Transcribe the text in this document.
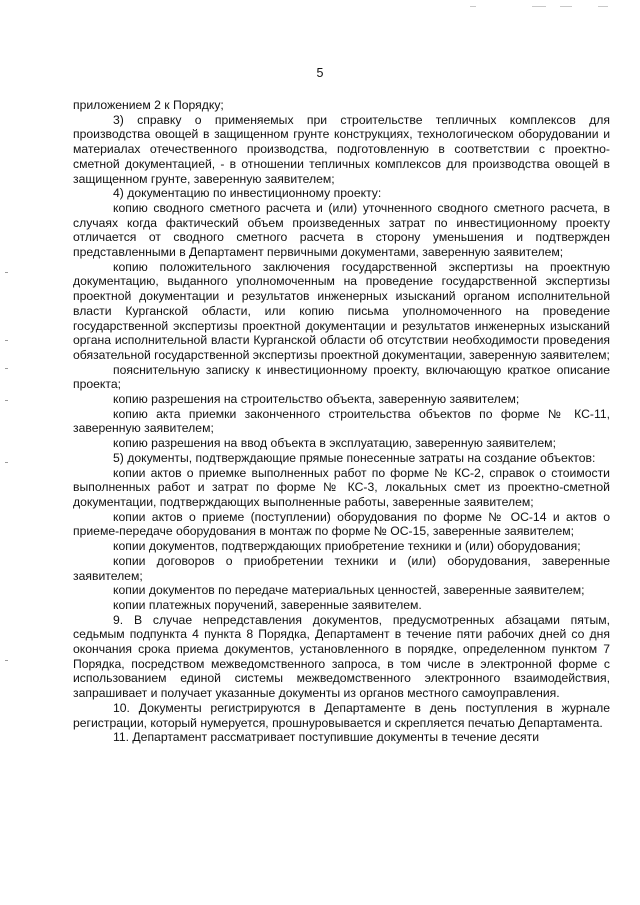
5

приложением 2 к Порядку;

3) справку о применяемых при строительстве тепличных комплексов для производства овощей в защищенном грунте конструкциях, технологическом оборудовании и материалах отечественного производства, подготовленную в соответствии с проектно-сметной документацией, - в отношении тепличных комплексов для производства овощей в защищенном грунте, заверенную заявителем;

4) документацию по инвестиционному проекту:

копию сводного сметного расчета и (или) уточненного сводного сметного расчета, в случаях когда фактический объем произведенных затрат по инвестиционному проекту отличается от сводного сметного расчета в сторону уменьшения и подтвержден представленными в Департамент первичными документами, заверенную заявителем;

копию положительного заключения государственной экспертизы на проектную документацию, выданного уполномоченным на проведение государственной экспертизы проектной документации и результатов инженерных изысканий органом исполнительной власти Курганской области, или копию письма уполномоченного на проведение государственной экспертизы проектной документации и результатов инженерных изысканий органа исполнительной власти Курганской области об отсутствии необходимости проведения обязательной государственной экспертизы проектной документации, заверенную заявителем;

пояснительную записку к инвестиционному проекту, включающую краткое описание проекта;

копию разрешения на строительство объекта, заверенную заявителем;

копию акта приемки законченного строительства объектов по форме № КС-11, заверенную заявителем;

копию разрешения на ввод объекта в эксплуатацию, заверенную заявителем;

5) документы, подтверждающие прямые понесенные затраты на создание объектов:

копии актов о приемке выполненных работ по форме № КС-2, справок о стоимости выполненных работ и затрат по форме № КС-3, локальных смет из проектно-сметной документации, подтверждающих выполненные работы, заверенные заявителем;

копии актов о приеме (поступлении) оборудования по форме № ОС-14 и актов о приеме-передаче оборудования в монтаж по форме № ОС-15, заверенные заявителем;

копии документов, подтверждающих приобретение техники и (или) оборудования;

копии договоров о приобретении техники и (или) оборудования, заверенные заявителем;

копии документов по передаче материальных ценностей, заверенные заявителем;

копии платежных поручений, заверенные заявителем.

9. В случае непредставления документов, предусмотренных абзацами пятым, седьмым подпункта 4 пункта 8 Порядка, Департамент в течение пяти рабочих дней со дня окончания срока приема документов, установленного в порядке, определенном пунктом 7 Порядка, посредством межведомственного запроса, в том числе в электронной форме с использованием единой системы межведомственного электронного взаимодействия, запрашивает и получает указанные документы из органов местного самоуправления.

10. Документы регистрируются в Департаменте в день поступления в журнале регистрации, который нумеруется, прошнуровывается и скрепляется печатью Департамента.

11. Департамент рассматривает поступившие документы в течение десяти
